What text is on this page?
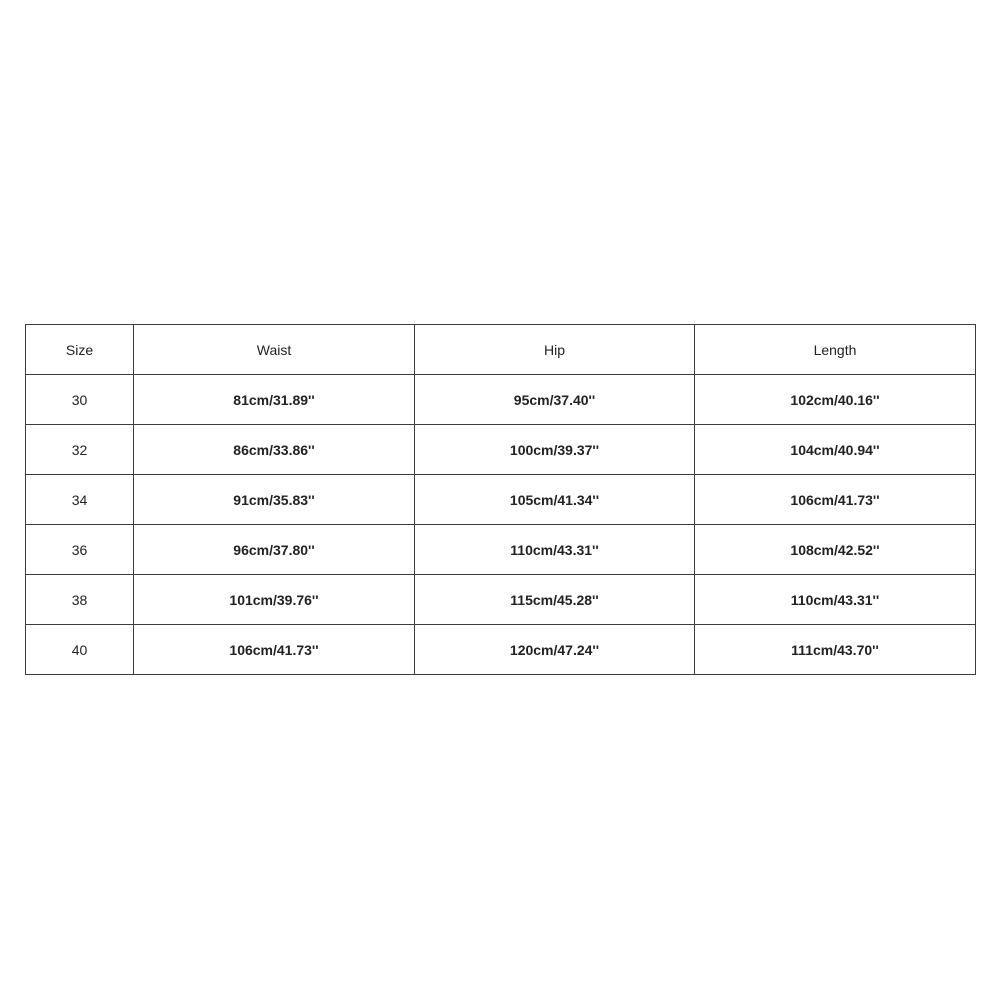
Size	Waist	Hip	Length
30	81cm/31.89''	95cm/37.40''	102cm/40.16''
32	86cm/33.86''	100cm/39.37''	104cm/40.94''
34	91cm/35.83''	105cm/41.34''	106cm/41.73''
36	96cm/37.80''	110cm/43.31''	108cm/42.52''
38	101cm/39.76''	115cm/45.28''	110cm/43.31''
40	106cm/41.73''	120cm/47.24''	111cm/43.70''
